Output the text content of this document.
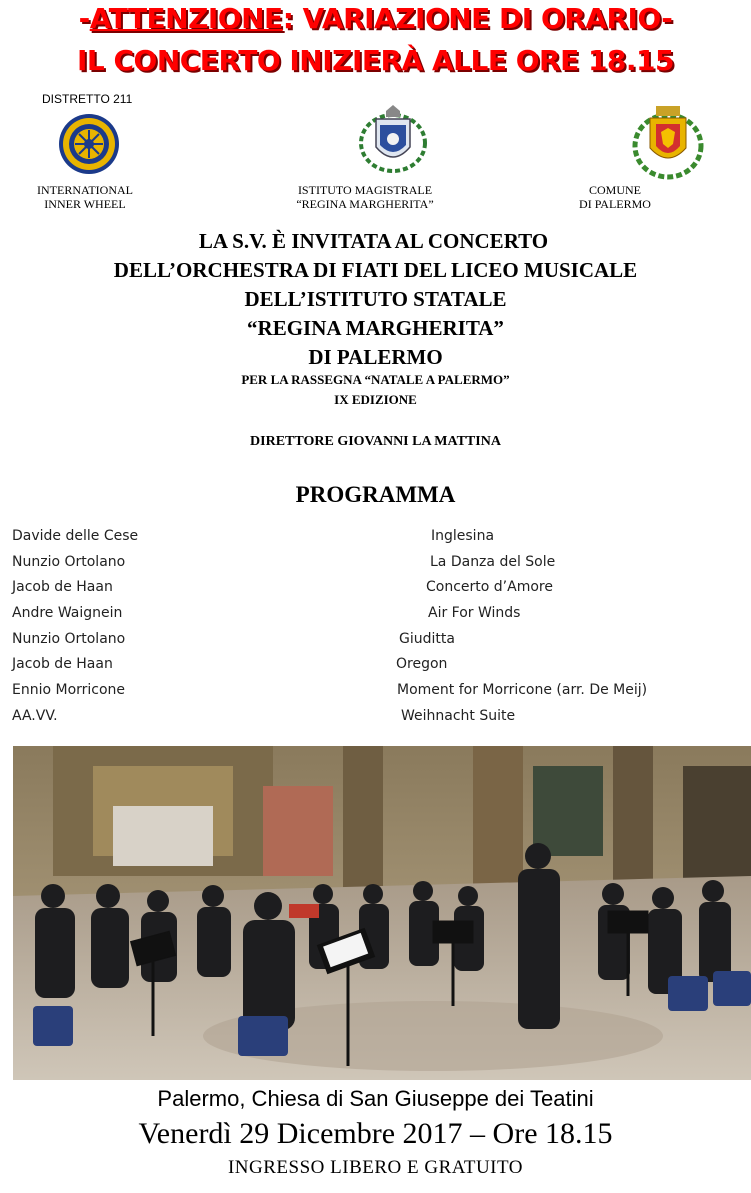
-ATTENZIONE: VARIAZIONE DI ORARIO-
IL CONCERTO INIZIERÀ ALLE ORE 18.15
DISTRETTO 211
INTERNATIONAL
INNER WHEEL
ISTITUTO MAGISTRALE
“REGINA MARGHERITA”
COMUNE
DI PALERMO
LA S.V. È INVITATA AL CONCERTO
DELL’ORCHESTRA DI FIATI DEL LICEO MUSICALE
DELL’ISTITUTO STATALE
“REGINA MARGHERITA”
DI PALERMO
PER LA RASSEGNA “NATALE A PALERMO”
IX EDIZIONE
DIRETTORE GIOVANNI LA MATTINA
PROGRAMMA
Davide delle Cese	Inglesina
Nunzio Ortolano	La Danza del Sole
Jacob de Haan	Concerto d’Amore
Andre Waignein	Air For Winds
Nunzio Ortolano	Giuditta
Jacob de Haan	Oregon
Ennio Morricone	Moment for Morricone (arr. De Meij)
AA.VV.	Weihnacht Suite
Palermo, Chiesa di San Giuseppe dei Teatini
Venerdì 29 Dicembre 2017 – Ore 18.15
INGRESSO LIBERO E GRATUITO
